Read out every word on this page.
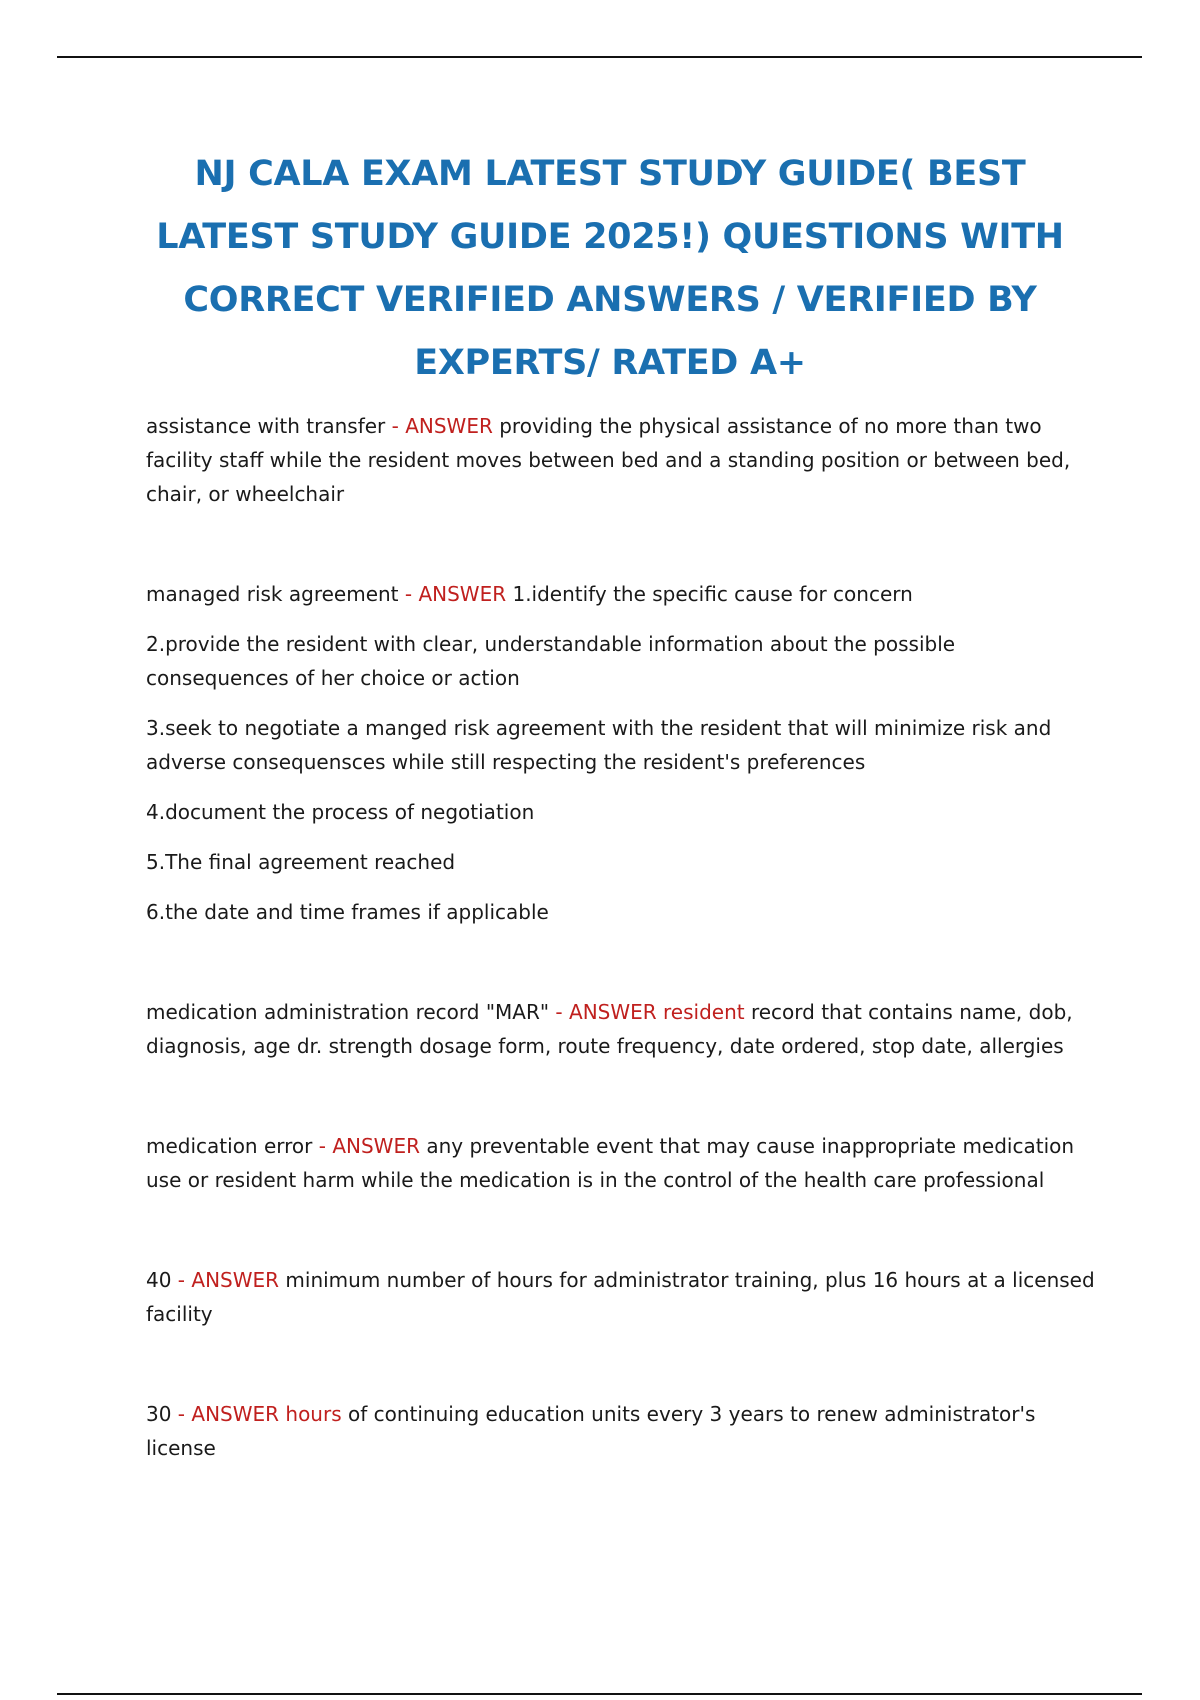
NJ CALA EXAM LATEST STUDY GUIDE( BEST LATEST STUDY GUIDE 2025!) QUESTIONS WITH CORRECT VERIFIED ANSWERS / VERIFIED BY EXPERTS/ RATED A+

assistance with transfer - ANSWER providing the physical assistance of no more than two facility staff while the resident moves between bed and a standing position or between bed, chair, or wheelchair

managed risk agreement - ANSWER 1.identify the specific cause for concern

2.provide the resident with clear, understandable information about the possible consequences of her choice or action

3.seek to negotiate a manged risk agreement with the resident that will minimize risk and adverse consequensces while still respecting the resident's preferences

4.document the process of negotiation

5.The final agreement reached

6.the date and time frames if applicable

medication administration record "MAR" - ANSWER resident record that contains name, dob, diagnosis, age dr. strength dosage form, route frequency, date ordered, stop date, allergies

medication error - ANSWER any preventable event that may cause inappropriate medication use or resident harm while the medication is in the control of the health care professional

40 - ANSWER minimum number of hours for administrator training, plus 16 hours at a licensed facility

30 - ANSWER hours of continuing education units every 3 years to renew administrator's license
